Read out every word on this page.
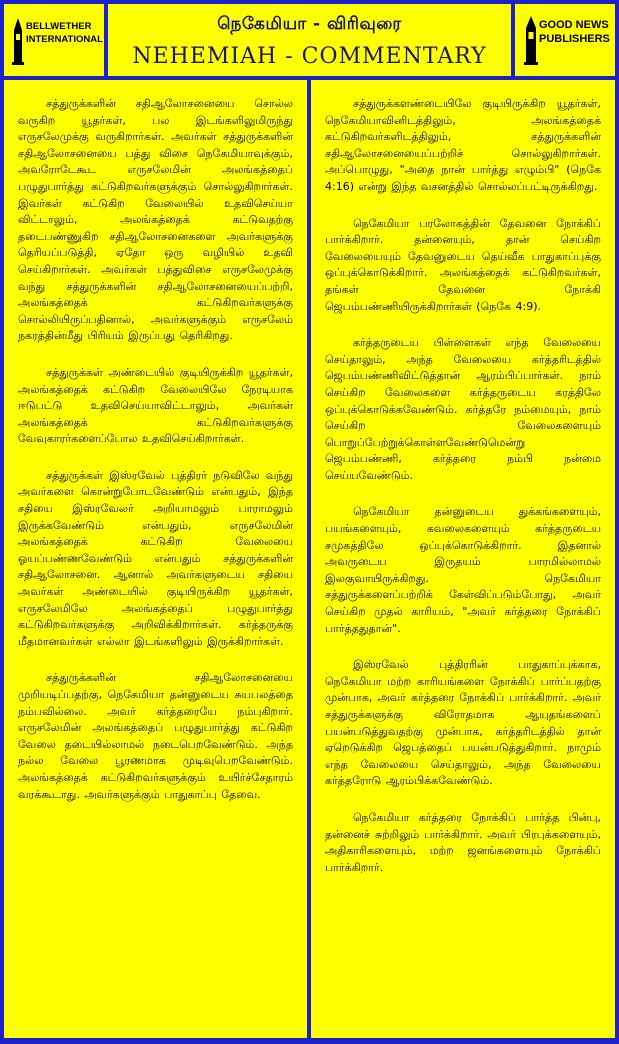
BELLWETHER
INTERNATIONAL
நெகேமியா - விரிவுரை
NEHEMIAH - COMMENTARY
GOOD NEWS
PUBLISHERS

சத்துருக்களின் சதிஆலோசனையை சொல்ல வருகிற யூதர்கள், பல இடங்களிலுமிருந்து எருசலேமுக்கு வருகிறார்கள். அவர்கள் சத்துருக்களின் சதிஆலோசனையை பத்து விசை நெகேமியாவுக்கும், அவரோடேகூட எருசலேமின் அலங்கத்தைப் பழுதுபார்த்து கட்டுகிறவர்களுக்கும் சொல்லுகிறார்கள். இவர்கள் கட்டுகிற வேலையில் உதவிசெய்யா விட்டாலும், அலங்கத்தைக் கட்டுவதற்கு தடைபண்ணுகிற சதிஆலோசனைகளை அவர்களுக்கு தெரியப்படுத்தி, ஏதோ ஒரு வழியில் உதவி செய்கிறார்கள். அவர்கள் பத்துவிசை எருசலேமுக்கு வந்து சத்துருக்களின் சதிஆலோசனையைப்பற்றி, அலங்கத்தைக் கட்டுகிறவர்களுக்கு சொல்லியிருப்பதினால், அவர்களுக்கும் எருசலேம் நகரத்தின்மீது பிரியம் இருப்பது தெரிகிறது.

சத்துருக்கள் அண்டையில் குடியிருக்கிற யூதர்கள், அலங்கத்தைக் கட்டுகிற வேலையிலே நேரடியாக ஈடுபட்டு உதவிசெய்யாவிட்டாலும், அவர்கள் அலங்கத்தைக் கட்டுகிறவர்களுக்கு வேவுகாரர்களைப்போல உதவிசெய்கிறார்கள்.

சத்துருக்கள் இஸ்ரவேல் புத்திரர் நடுவிலே வந்து அவர்களை கொன்றுபோடவேண்டும் என்பதும், இந்த சதியை இஸ்ரவேலர் அறியாமலும் பாராமலும் இருக்கவேண்டும் என்பதும், எருசலேமின் அலங்கத்தைக் கட்டுகிற வேலையை ஓயப்பண்ணவேண்டும் என்பதும் சத்துருக்களின் சதிஆலோசனை. ஆனால் அவர்களுடைய சதியை அவர்கள் அண்டையில் குடியிருக்கிற யூதர்கள், எருசலேமிலே அலங்கத்தைப் பழுதுபார்த்து கட்டுகிறவர்களுக்கு அறிவிக்கிறார்கள். கர்த்தருக்கு மீதமானவர்கள் எல்லா இடங்களிலும் இருக்கிறார்கள்.

சத்துருக்களின் சதிஆலோசனையை முறியடிப்பதற்கு, நெகேமியா தன்னுடைய சுயபலத்தை நம்பவில்லை. அவர் கர்த்தரையே நம்புகிறார். எருசலேமின் அலங்கத்தைப் பழுதுபார்த்து கட்டுகிற வேலை தடையில்லாமல் நடைபெறவேண்டும். அந்த நல்ல வேலை பூரணமாக முடிவுபெறவேண்டும். அலங்கத்தைக் கட்டுகிறவர்களுக்கும் உயிர்ச்சேதாரம் வரக்கூடாது. அவர்களுக்கும் பாதுகாப்பு தேவை.

சத்துருக்களண்டையிலே குடியிருக்கிற யூதர்கள், நெகேமியாவினிடத்திலும், அலங்கத்தைக் கட்டுகிறவர்களிடத்திலும், சத்துருக்களின் சதிஆலோசனையைப்பற்றிச் சொல்லுகிறார்கள். அப்பொழுது, "அதை நான் பார்த்து எழும்பி" (நெகே 4:16) என்று இந்த வசனத்தில் சொல்லப்பட்டிருக்கிறது.

நெகேமியா பரலோகத்தின் தேவனை நோக்கிப் பார்க்கிறார். தன்னையும், தான் செய்கிற வேலையையும் தேவனுடைய தெய்வீக பாதுகாப்புக்கு ஒப்புக்கொடுக்கிறார். அலங்கத்தைக் கட்டுகிறவர்கள், தங்கள் தேவனை நோக்கி ஜெபம்பண்ணியிருக்கிறார்கள் (நெகே 4:9).

கர்த்தருடைய பிள்ளைகள் எந்த வேலையை செய்தாலும், அந்த வேலையை கர்த்தரிடத்தில் ஜெபம்பண்ணிவிட்டுத்தான் ஆரம்பிப்பார்கள். நாம் செய்கிற வேலைகளை கர்த்தருடைய கரத்திலே ஒப்புக்கொடுக்கவேண்டும். கர்த்தரே நம்மையும், நாம் செய்கிற வேலைகளையும் பொறுப்பேற்றுக்கொள்ளவேண்டுமென்று ஜெபம்பண்ணி, கர்த்தரை நம்பி நன்மை செய்யவேண்டும்.

நெகேமியா தன்னுடைய துக்கங்களையும், பயங்களையும், கவலைகளையும் கர்த்தருடைய சமுகத்திலே ஒப்புக்கொடுக்கிறார். இதனால் அவருடைய இருதயம் பாரமில்லாமல் இலகுவாயிருக்கிறது. நெகேமியா சத்துருக்களைப்பற்றிக் கேள்விப்படும்போது, அவர் செய்கிற முதல் காரியம், "அவர் கர்த்தரை நோக்கிப் பார்த்ததுதான்".

இஸ்ரவேல் புத்திரரின் பாதுகாப்புக்காக, நெகேமியா மற்ற காரியங்களை நோக்கிப் பார்ப்பதற்கு முன்பாக, அவர் கர்த்தரை நோக்கிப் பார்க்கிறார். அவர் சத்துருக்களுக்கு விரோதமாக ஆயுதங்களைப் பயன்படுத்துவதற்கு முன்பாக, கர்த்தரிடத்தில் தான் ஏறெடுக்கிற ஜெபத்தைப் பயன்படுத்துகிறார். நாமும் எந்த வேலையை செய்தாலும், அந்த வேலையை கர்த்தரோடு ஆரம்பிக்கவேண்டும்.

நெகேமியா கர்த்தரை நோக்கிப் பார்த்த பின்பு, தன்னைச் சுற்றிலும் பார்க்கிறார். அவர் பிரபுக்களையும், அதிகாரிகளையும், மற்ற ஜனங்களையும் நோக்கிப் பார்க்கிறார்.
